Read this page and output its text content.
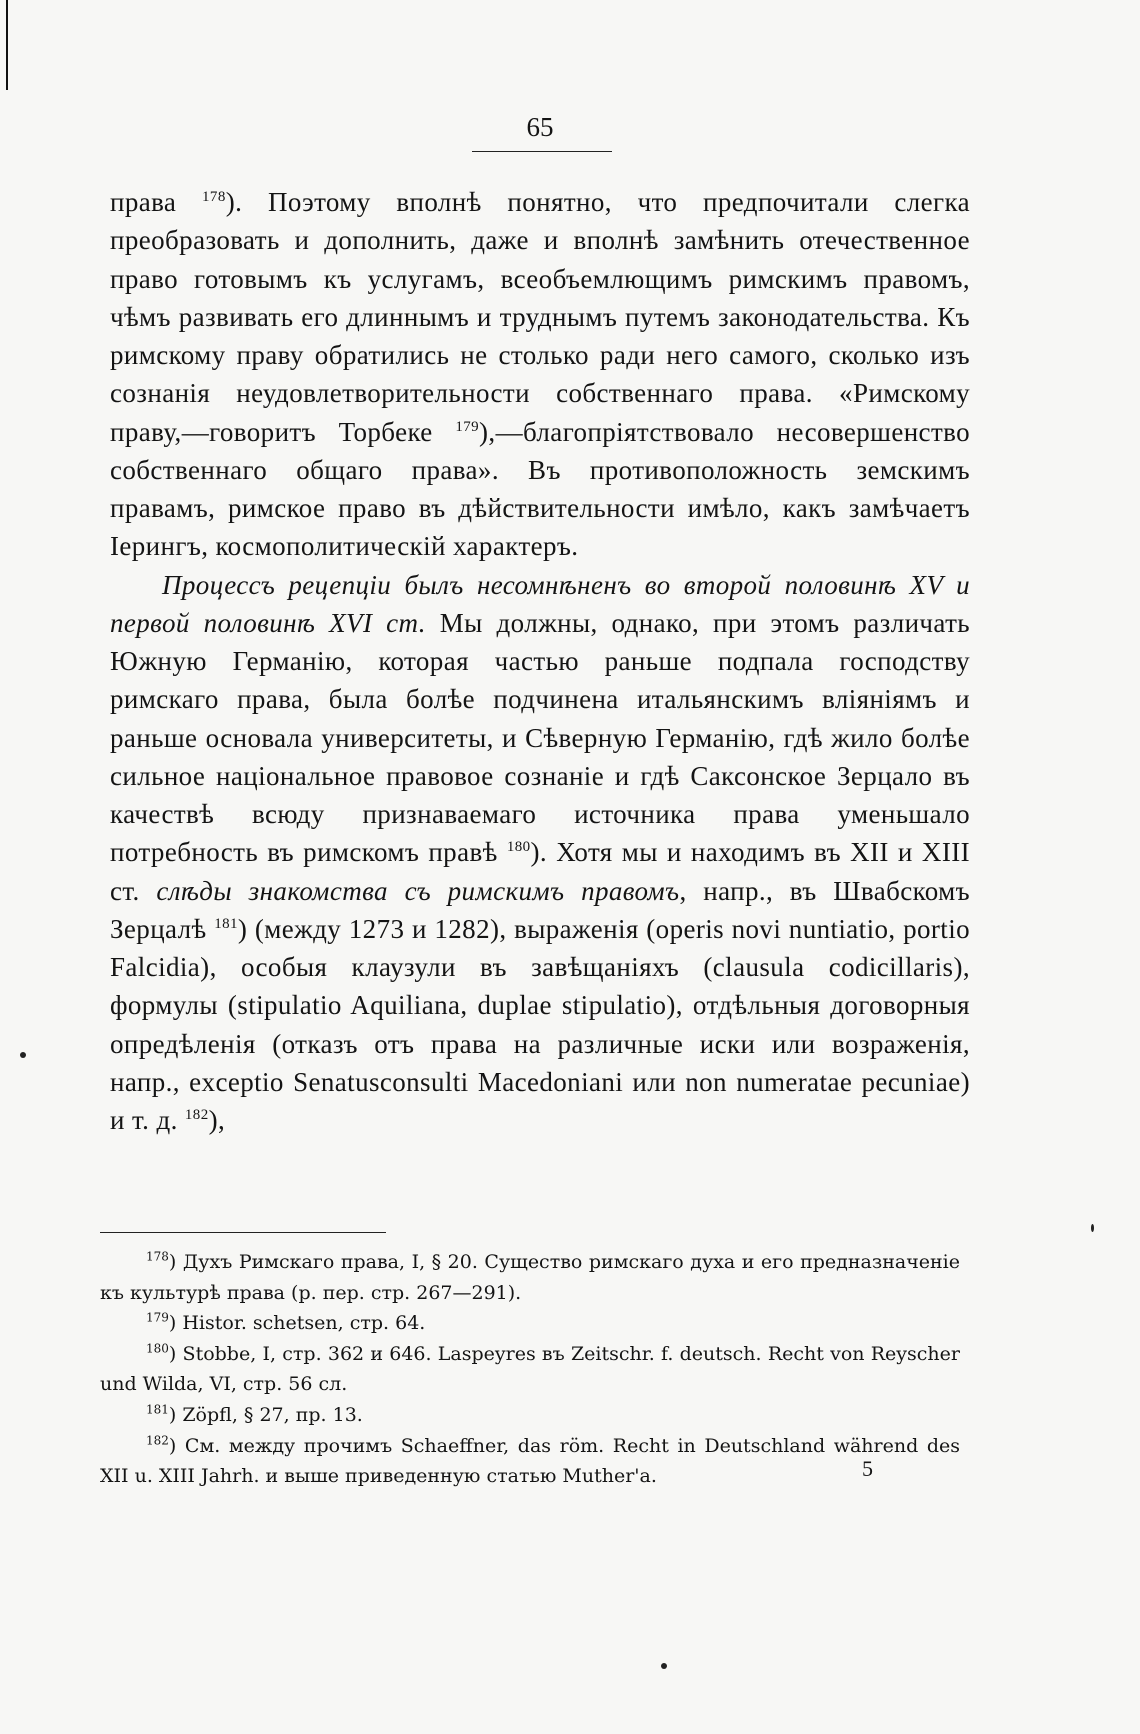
65

права $^{178}$). Поэтому вполнѣ понятно, что предпочитали слегка преобразовать и дополнить, даже и вполнѣ замѣнить отечественное право готовымъ къ услугамъ, всеобъемлющимъ римскимъ правомъ, чѣмъ развивать его длиннымъ и труднымъ путемъ законодательства. Къ римскому праву обратились не столько ради него самого, сколько изъ сознанія неудовлетворительности собственнаго права. «Римскому праву,—говоритъ Торбеке $^{179}$),—благопріятствовало несовершенство собственнаго общаго права». Въ противоположность земскимъ правамъ, римское право въ дѣйствительности имѣло, какъ замѣчаетъ Іерингъ, космополитическій характеръ.

Процессъ рецепціи былъ несомнѣненъ во второй половинѣ XV и первой половинѣ XVI ст. Мы должны, однако, при этомъ различать Южную Германію, которая частью раньше подпала господству римскаго права, была болѣе подчинена итальянскимъ вліяніямъ и раньше основала университеты, и Сѣверную Германію, гдѣ жило болѣе сильное національное правовое сознаніе и гдѣ Саксонское Зерцало въ качествѣ всюду признаваемаго источника права уменьшало потребность въ римскомъ правѣ $^{180}$). Хотя мы и находимъ въ XII и XIII ст. слѣды знакомства съ римскимъ правомъ, напр., въ Швабскомъ Зерцалѣ $^{181}$) (между 1273 и 1282), выраженія (operis novi nuntiatio, portio Falcidia), особыя клаузули въ завѣщаніяхъ (clausula codicillaris), формулы (stipulatio Aquiliana, duplae stipulatio), отдѣльныя договорныя опредѣленія (отказъ отъ права на различные иски или возраженія, напр., exceptio Senatusconsulti Macedoniani или non numeratae pecuniae) и т. д. $^{182}$),

$^{178}$) Духъ Римскаго права, I, § 20. Существо римскаго духа и его предназначеніе къ культурѣ права (р. пер. стр. 267—291).

$^{179}$) Histor. schetsen, стр. 64.

$^{180}$) Stobbe, I, стр. 362 и 646. Laspeyres въ Zeitschr. f. deutsch. Recht von Reyscher und Wilda, VI, стр. 56 сл.

$^{181}$) Zöpfl, § 27, пр. 13.

$^{182}$) См. между прочимъ Schaeffner, das röm. Recht in Deutschland während des XII u. XIII Jahrh. и выше приведенную статью Muther'a.	5
